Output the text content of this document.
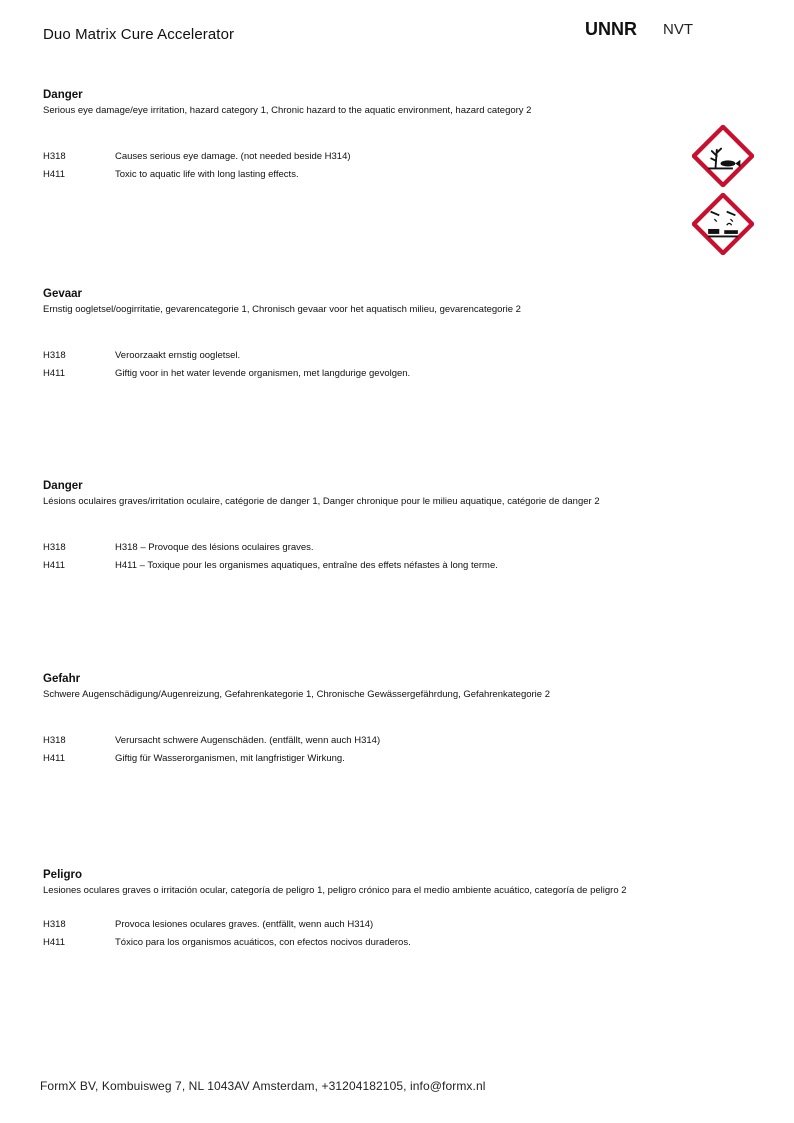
Duo Matrix Cure Accelerator	UNNR NVT
Danger
Serious eye damage/eye irritation, hazard category 1, Chronic hazard to the aquatic environment, hazard category 2
H318	Causes serious eye damage. (not needed beside H314)
H411	Toxic to aquatic life with long lasting effects.
Gevaar
Ernstig oogletsel/oogirritatie, gevarencategorie 1, Chronisch gevaar voor het aquatisch milieu, gevarencategorie 2
H318	Veroorzaakt ernstig oogletsel.
H411	Giftig voor in het water levende organismen, met langdurige gevolgen.
Danger
Lésions oculaires graves/irritation oculaire, catégorie de danger 1, Danger chronique pour le milieu aquatique, catégorie de danger 2
H318	H318 – Provoque des lésions oculaires graves.
H411	H411 – Toxique pour les organismes aquatiques, entraîne des effets néfastes à long terme.
Gefahr
Schwere Augenschädigung/Augenreizung, Gefahrenkategorie 1, Chronische Gewässergefährdung, Gefahrenkategorie 2
H318	Verursacht schwere Augenschäden. (entfällt, wenn auch H314)
H411	Giftig für Wasserorganismen, mit langfristiger Wirkung.
Peligro
Lesiones oculares graves o irritación ocular, categoría de peligro 1, peligro crónico para el medio ambiente acuático, categoría de peligro 2
H318	Provoca lesiones oculares graves. (entfällt, wenn auch H314)
H411	Tóxico para los organismos acuáticos, con efectos nocivos duraderos.
FormX BV, Kombuisweg 7, NL 1043AV Amsterdam, +31204182105, info@formx.nl
